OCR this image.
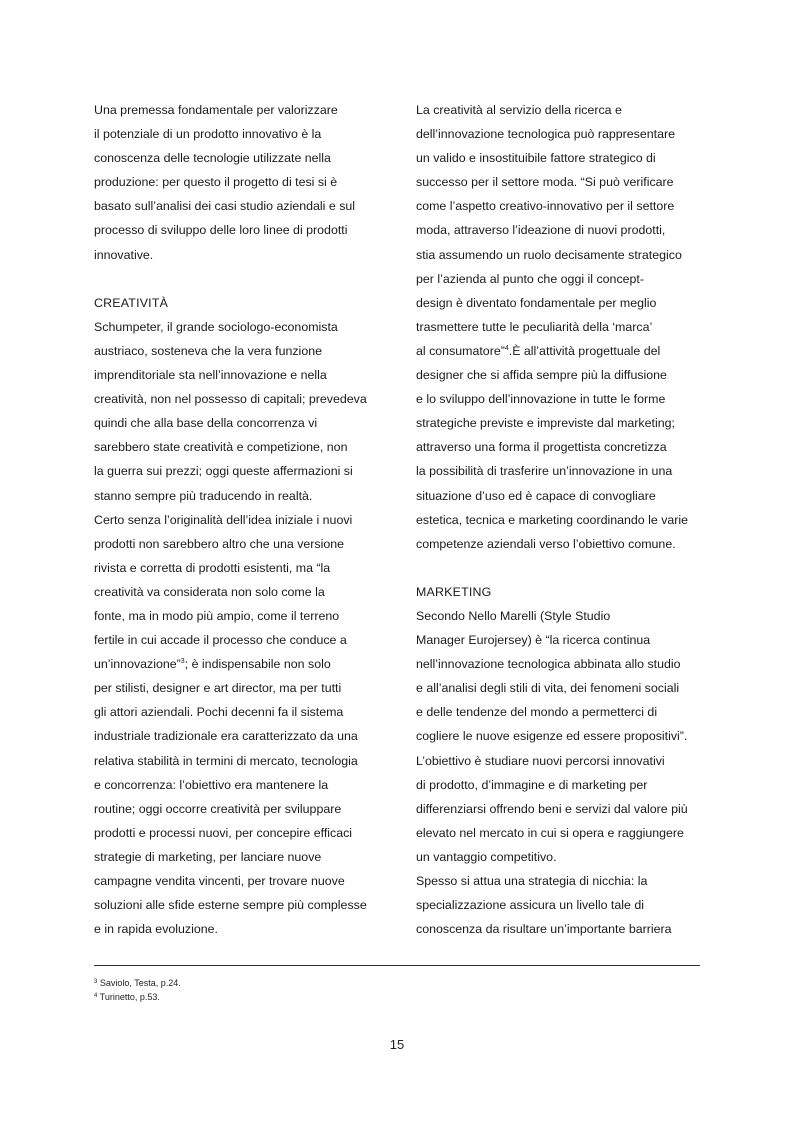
Una premessa fondamentale per valorizzare
il potenziale di un prodotto innovativo è la
conoscenza delle tecnologie utilizzate nella
produzione: per questo il progetto di tesi si è
basato sull’analisi dei casi studio aziendali e sul
processo di sviluppo delle loro linee di prodotti
innovative.
CREATIVITÀ
Schumpeter, il grande sociologo-economista
austriaco, sosteneva che la vera funzione
imprenditoriale sta nell’innovazione e nella
creatività, non nel possesso di capitali; prevedeva
quindi che alla base della concorrenza vi
sarebbero state creatività e competizione, non
la guerra sui prezzi; oggi queste affermazioni si
stanno sempre più traducendo in realtà.
Certo senza l’originalità dell’idea iniziale i nuovi
prodotti non sarebbero altro che una versione
rivista e corretta di prodotti esistenti, ma “la
creatività va considerata non solo come la
fonte, ma in modo più ampio, come il terreno
fertile in cui accade il processo che conduce a
un’innovazione”$^3$; è indispensabile non solo
per stilisti, designer e art director, ma per tutti
gli attori aziendali. Pochi decenni fa il sistema
industriale tradizionale era caratterizzato da una
relativa stabilità in termini di mercato, tecnologia
e concorrenza: l’obiettivo era mantenere la
routine; oggi occorre creatività per sviluppare
prodotti e processi nuovi, per concepire efficaci
strategie di marketing, per lanciare nuove
campagne vendita vincenti, per trovare nuove
soluzioni alle sfide esterne sempre più complesse
e in rapida evoluzione.
La creatività al servizio della ricerca e
dell’innovazione tecnologica può rappresentare
un valido e insostituibile fattore strategico di
successo per il settore moda. “Si può verificare
come l’aspetto creativo-innovativo per il settore
moda, attraverso l’ideazione di nuovi prodotti,
stia assumendo un ruolo decisamente strategico
per l’azienda al punto che oggi il concept-
design è diventato fondamentale per meglio
trasmettere tutte le peculiarità della ‘marca’
al consumatore”$^4$.È all’attività progettuale del
designer che si affida sempre più la diffusione
e lo sviluppo dell’innovazione in tutte le forme
strategiche previste e impreviste dal marketing;
attraverso una forma il progettista concretizza
la possibilità di trasferire un’innovazione in una
situazione d’uso ed è capace di convogliare
estetica, tecnica e marketing coordinando le varie
competenze aziendali verso l’obiettivo comune.
MARKETING
Secondo Nello Marelli (Style Studio
Manager Eurojersey) è “la ricerca continua
nell’innovazione tecnologica abbinata allo studio
e all’analisi degli stili di vita, dei fenomeni sociali
e delle tendenze del mondo a permetterci di
cogliere le nuove esigenze ed essere propositivi”.
L’obiettivo è studiare nuovi percorsi innovativi
di prodotto, d’immagine e di marketing per
differenziarsi offrendo beni e servizi dal valore più
elevato nel mercato in cui si opera e raggiungere
un vantaggio competitivo.
Spesso si attua una strategia di nicchia: la
specializzazione assicura un livello tale di
conoscenza da risultare un’importante barriera
$^3$ Saviolo, Testa, p.24.
$^4$ Turinetto, p.53.
15
